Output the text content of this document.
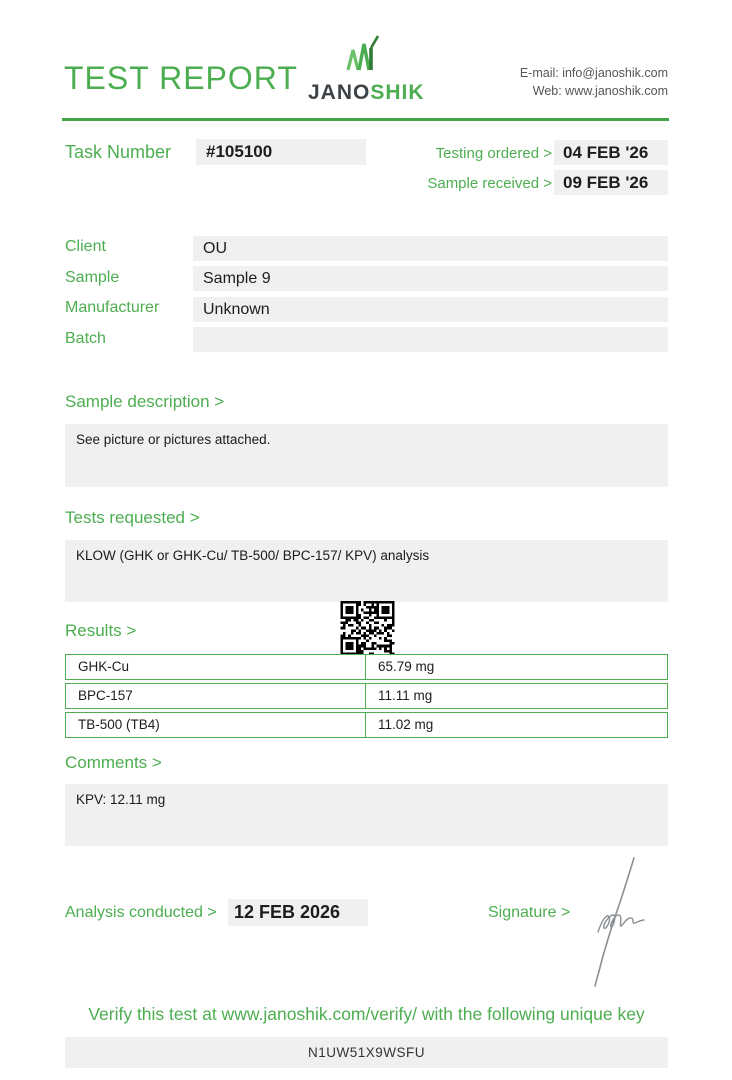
TEST REPORT JANOSHIK
E-mail: info@janoshik.com
Web: www.janoshik.com
Task Number	#105100	Testing ordered > 04 FEB '26
Sample received > 09 FEB '26
Client	OU
Sample	Sample 9
Manufacturer	Unknown
Batch
Sample description >
See picture or pictures attached.
Tests requested >
KLOW (GHK or GHK-Cu/ TB-500/ BPC-157/ KPV) analysis
Results >
GHK-Cu	65.79 mg
BPC-157	11.11 mg
TB-500 (TB4)	11.02 mg
Comments >
KPV: 12.11 mg
Analysis conducted > 12 FEB 2026	Signature >
Verify this test at www.janoshik.com/verify/ with the following unique key
N1UW51X9WSFU
